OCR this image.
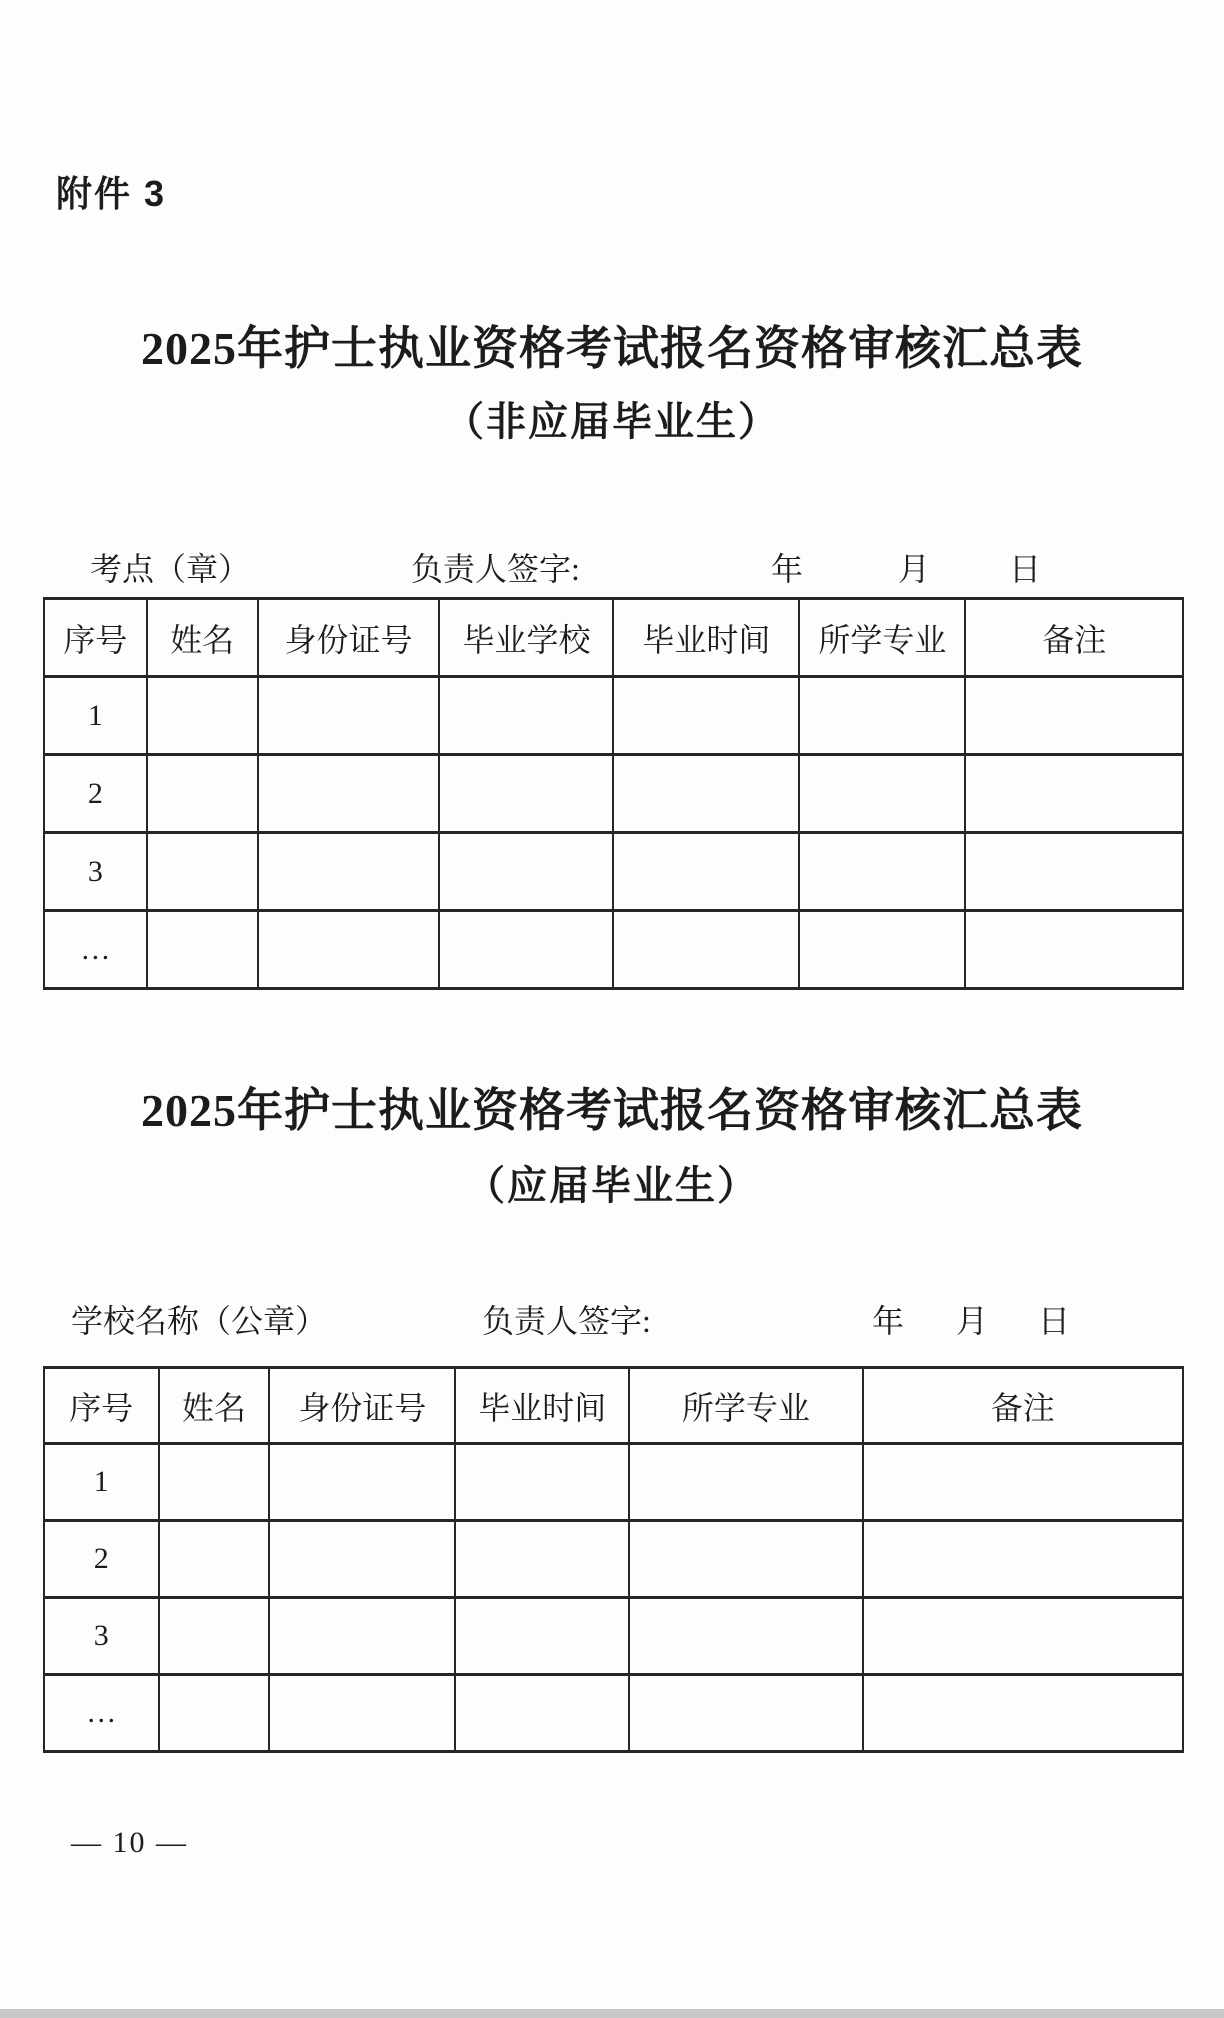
附件 3
2025年护士执业资格考试报名资格审核汇总表
（非应届毕业生）
考点（章）	负责人签字:	年	月 日
序号	姓名	身份证号	毕业学校	毕业时间	所学专业	备注
1						
2						
3						
…						
2025年护士执业资格考试报名资格审核汇总表
（应届毕业生）
学校名称（公章）	负责人签字:	年 月 日
序号	姓名	身份证号	毕业时间	所学专业	备注
1					
2					
3					
…					
— 10 —
